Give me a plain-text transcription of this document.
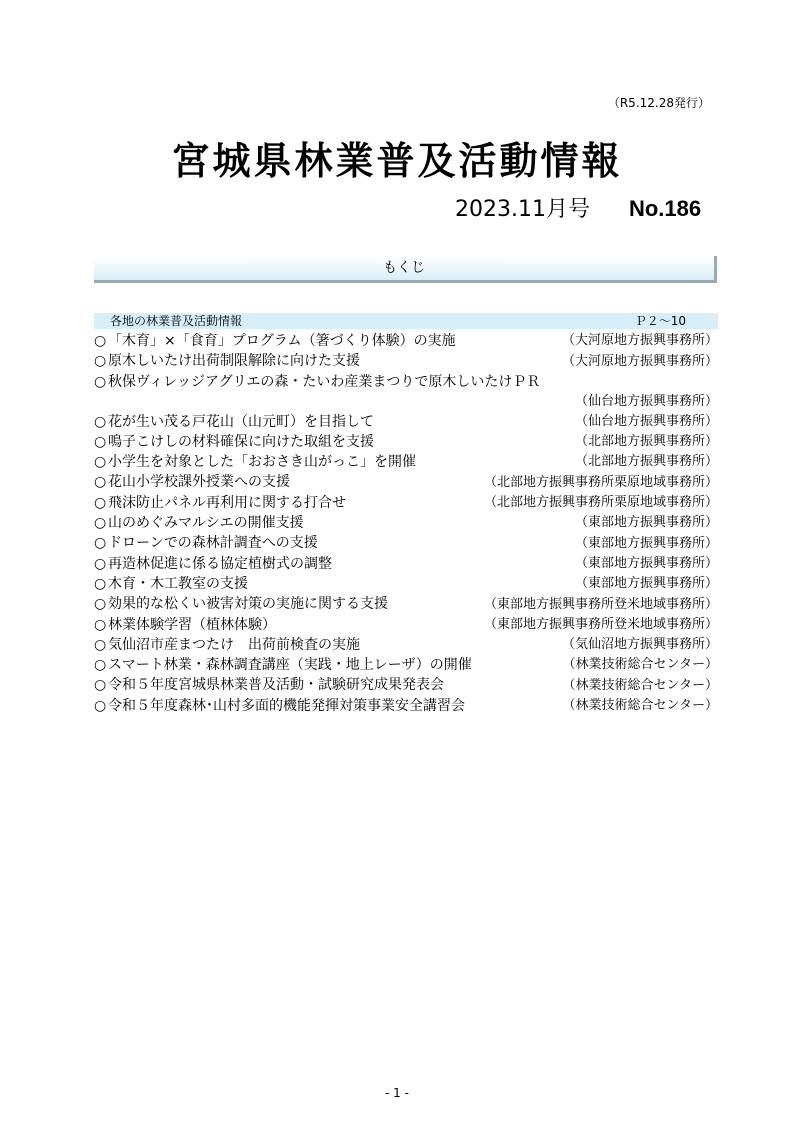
（R5.12.28発行）
宮城県林業普及活動情報
2023.11月号 No.186
もくじ
各地の林業普及活動情報	Ｐ２～10
○ 「木育」×「食育」プログラム（箸づくり体験）の実施	（大河原地方振興事務所）
○ 原木しいたけ出荷制限解除に向けた支援	（大河原地方振興事務所）
○ 秋保ヴィレッジアグリエの森・たいわ産業まつりで原木しいたけＰＲ
（仙台地方振興事務所）
○ 花が生い茂る戸花山（山元町）を目指して	（仙台地方振興事務所）
○ 鳴子こけしの材料確保に向けた取組を支援	（北部地方振興事務所）
○ 小学生を対象とした「おおさき山がっこ」を開催	（北部地方振興事務所）
○ 花山小学校課外授業への支援	（北部地方振興事務所栗原地域事務所）
○ 飛沫防止パネル再利用に関する打合せ	（北部地方振興事務所栗原地域事務所）
○ 山のめぐみマルシエの開催支援	（東部地方振興事務所）
○ ドローンでの森林計調査への支援	（東部地方振興事務所）
○ 再造林促進に係る協定植樹式の調整	（東部地方振興事務所）
○ 木育・木工教室の支援	（東部地方振興事務所）
○ 効果的な松くい被害対策の実施に関する支援	（東部地方振興事務所登米地域事務所）
○ 林業体験学習（植林体験）	（東部地方振興事務所登米地域事務所）
○ 気仙沼市産まつたけ　出荷前検査の実施	（気仙沼地方振興事務所）
○ スマート林業・森林調査講座（実践・地上レーザ）の開催	（林業技術総合センター）
○ 令和５年度宮城県林業普及活動・試験研究成果発表会	（林業技術総合センター）
○ 令和５年度森林･山村多面的機能発揮対策事業安全講習会	（林業技術総合センター）
- 1 -
